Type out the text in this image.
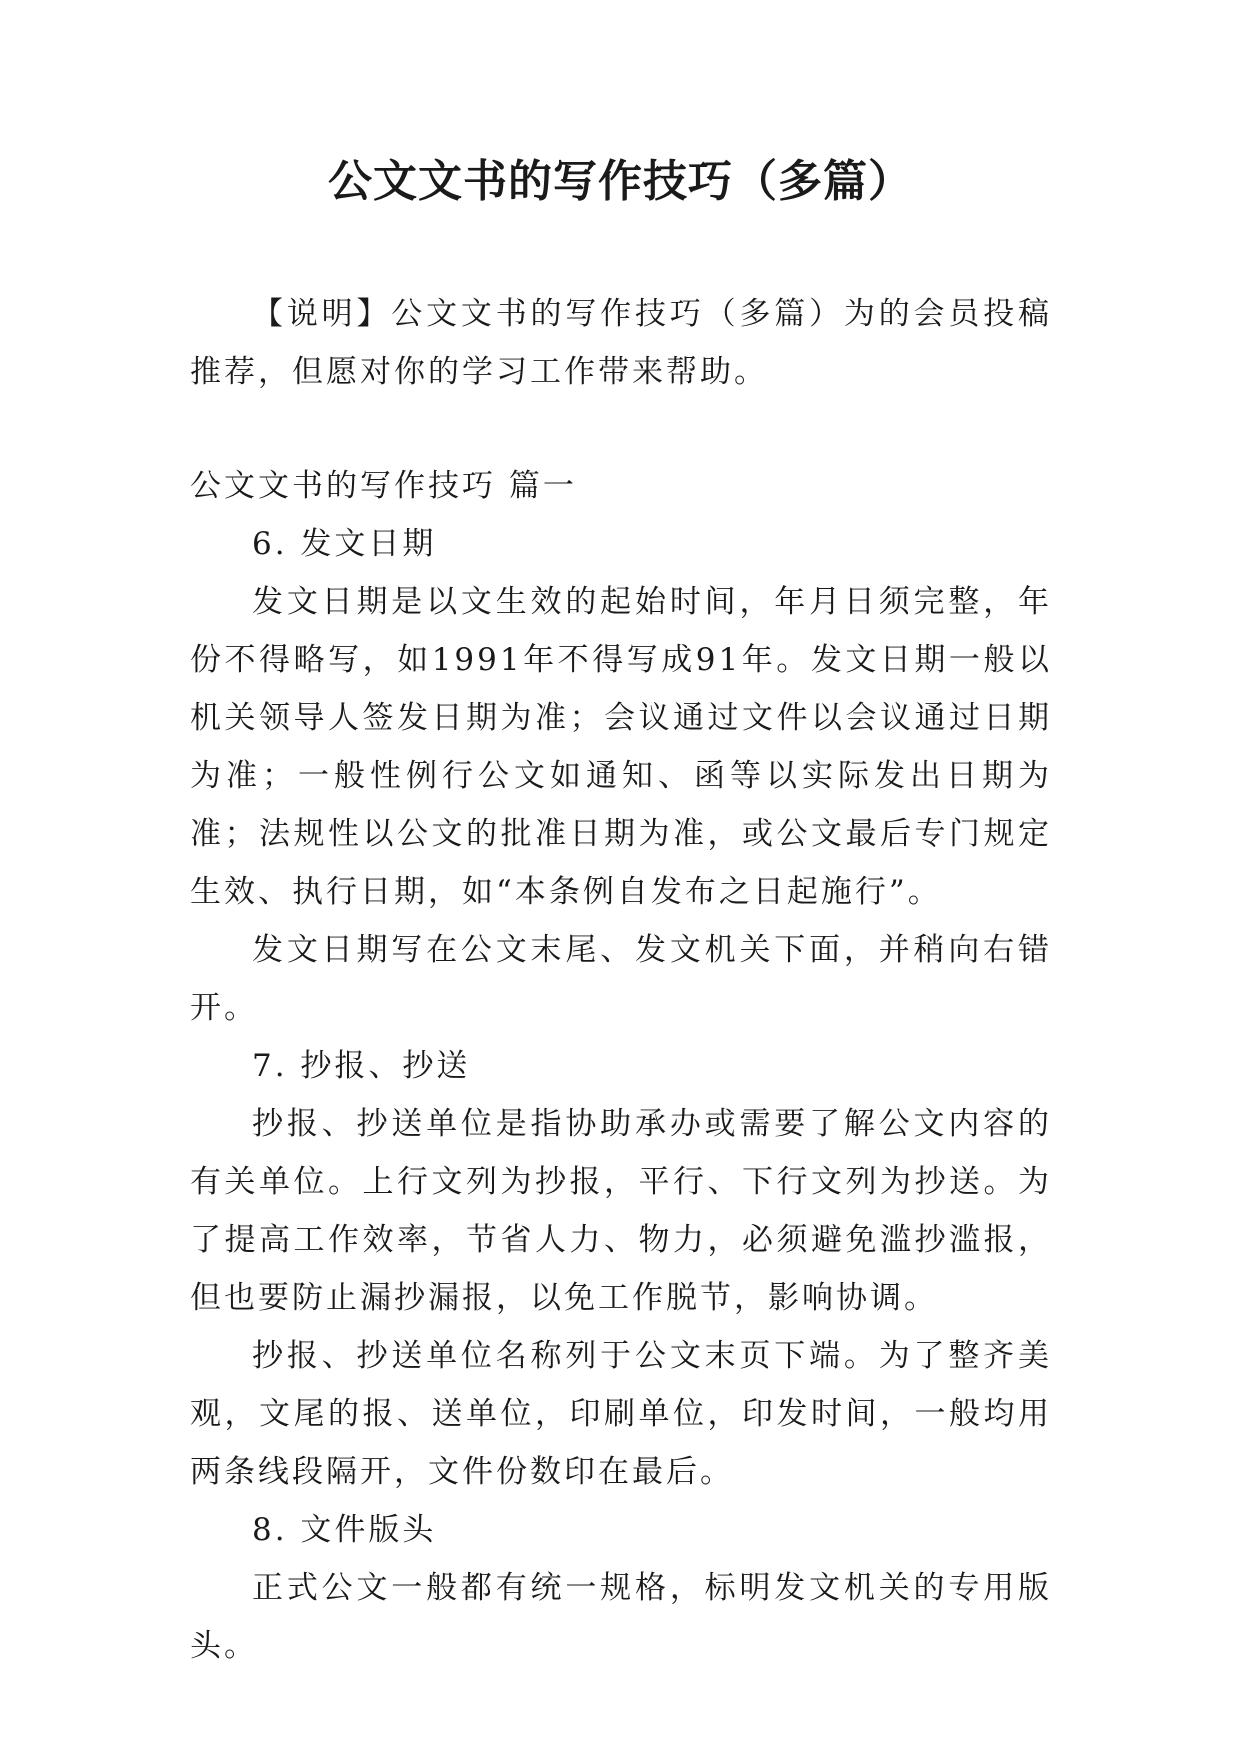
公文文书的写作技巧（多篇）

【说明】公文文书的写作技巧（多篇）为的会员投稿推荐，但愿对你的学习工作带来帮助。

公文文书的写作技巧 篇一

6. 发文日期

发文日期是以文生效的起始时间，年月日须完整，年份不得略写，如1991年不得写成91年。发文日期一般以机关领导人签发日期为准；会议通过文件以会议通过日期为准；一般性例行公文如通知、函等以实际发出日期为准；法规性以公文的批准日期为准，或公文最后专门规定生效、执行日期，如“本条例自发布之日起施行”。

发文日期写在公文末尾、发文机关下面，并稍向右错开。

7. 抄报、抄送

抄报、抄送单位是指协助承办或需要了解公文内容的有关单位。上行文列为抄报，平行、下行文列为抄送。为了提高工作效率，节省人力、物力，必须避免滥抄滥报，但也要防止漏抄漏报，以免工作脱节，影响协调。

抄报、抄送单位名称列于公文末页下端。为了整齐美观，文尾的报、送单位，印刷单位，印发时间，一般均用两条线段隔开，文件份数印在最后。

8. 文件版头

正式公文一般都有统一规格，标明发文机关的专用版头。
